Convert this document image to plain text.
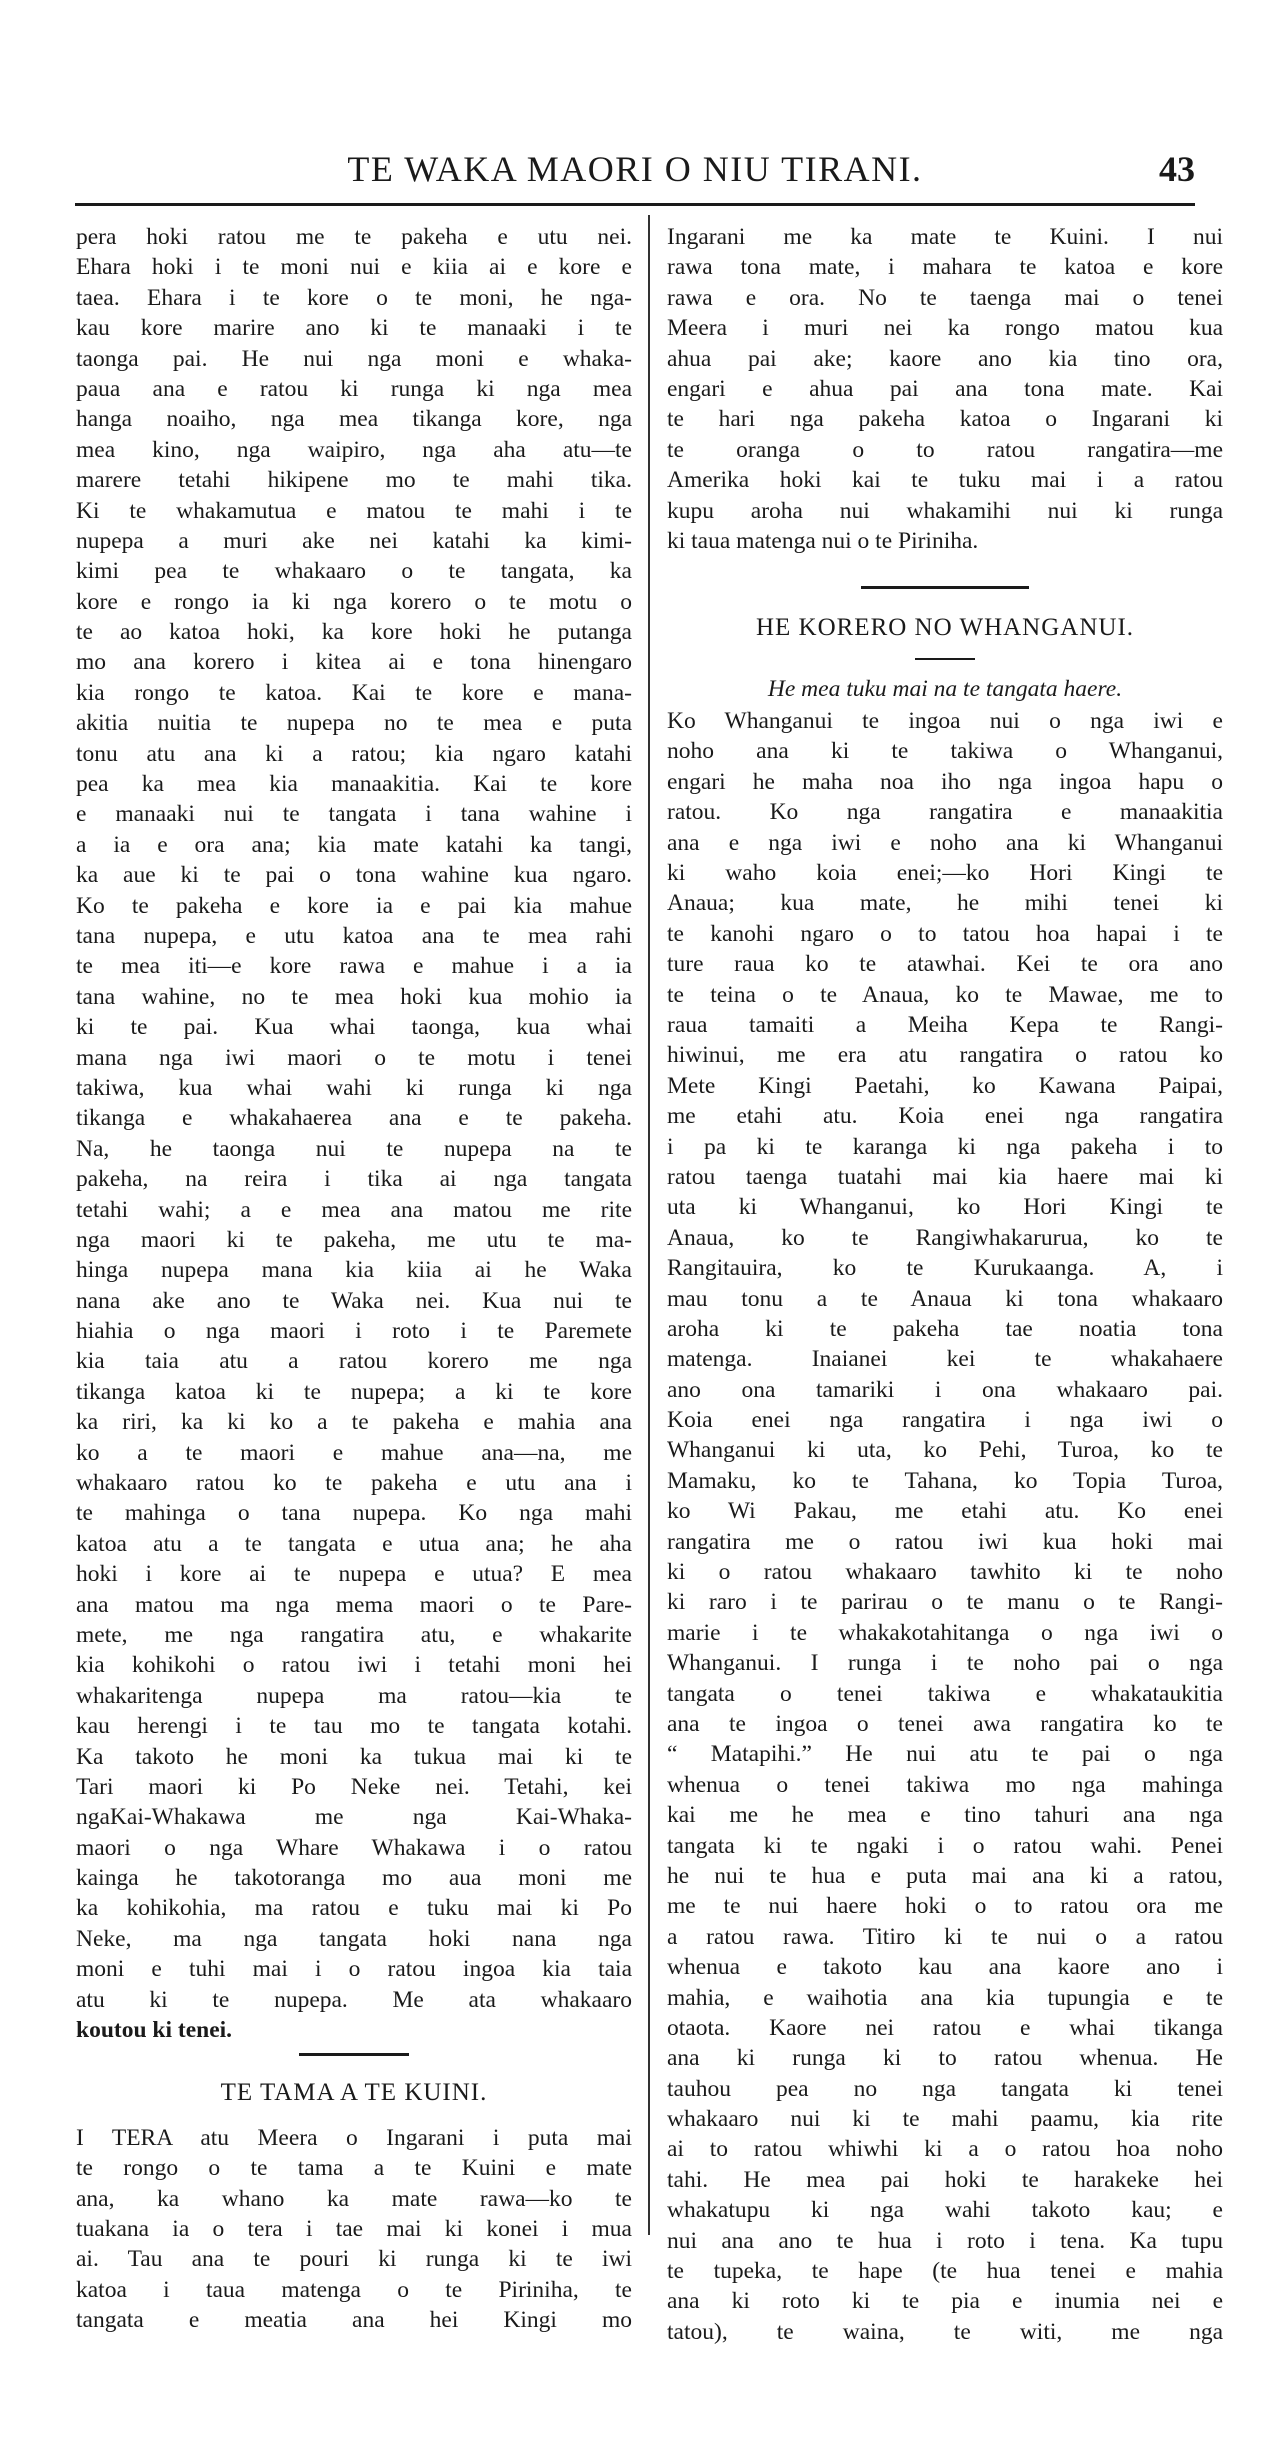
TE WAKA MAORI O NIU TIRANI.	43
pera hoki ratou me te pakeha e utu nei.
Ehara hoki i te moni nui e kiia ai e kore e
taea. Ehara i te kore o te moni, he nga-
kau kore marire ano ki te manaaki i te
taonga pai. He nui nga moni e whaka-
paua ana e ratou ki runga ki nga mea
hanga noaiho, nga mea tikanga kore, nga
mea kino, nga waipiro, nga aha atu—te
marere tetahi hikipene mo te mahi tika.
Ki te whakamutua e matou te mahi i te
nupepa a muri ake nei katahi ka kimi-
kimi pea te whakaaro o te tangata, ka
kore e rongo ia ki nga korero o te motu o
te ao katoa hoki, ka kore hoki he putanga
mo ana korero i kitea ai e tona hinengaro
kia rongo te katoa. Kai te kore e mana-
akitia nuitia te nupepa no te mea e puta
tonu atu ana ki a ratou; kia ngaro katahi
pea ka mea kia manaakitia. Kai te kore
e manaaki nui te tangata i tana wahine i
a ia e ora ana; kia mate katahi ka tangi,
ka aue ki te pai o tona wahine kua ngaro.
Ko te pakeha e kore ia e pai kia mahue
tana nupepa, e utu katoa ana te mea rahi
te mea iti—e kore rawa e mahue i a ia
tana wahine, no te mea hoki kua mohio ia
ki te pai. Kua whai taonga, kua whai
mana nga iwi maori o te motu i tenei
takiwa, kua whai wahi ki runga ki nga
tikanga e whakahaerea ana e te pakeha.
Na, he taonga nui te nupepa na te
pakeha, na reira i tika ai nga tangata
tetahi wahi; a e mea ana matou me rite
nga maori ki te pakeha, me utu te ma-
hinga nupepa mana kia kiia ai he Waka
nana ake ano te Waka nei. Kua nui te
hiahia o nga maori i roto i te Paremete
kia taia atu a ratou korero me nga
tikanga katoa ki te nupepa; a ki te kore
ka riri, ka ki ko a te pakeha e mahia ana
ko a te maori e mahue ana—na, me
whakaaro ratou ko te pakeha e utu ana i
te mahinga o tana nupepa. Ko nga mahi
katoa atu a te tangata e utua ana; he aha
hoki i kore ai te nupepa e utua? E mea
ana matou ma nga mema maori o te Pare-
mete, me nga rangatira atu, e whakarite
kia kohikohi o ratou iwi i tetahi moni hei
whakaritenga nupepa ma ratou—kia te
kau herengi i te tau mo te tangata kotahi.
Ka takoto he moni ka tukua mai ki te
Tari maori ki Po Neke nei. Tetahi, kei
ngaKai-Whakawa me nga Kai-Whaka-
maori o nga Whare Whakawa i o ratou
kainga he takotoranga mo aua moni me
ka kohikohia, ma ratou e tuku mai ki Po
Neke, ma nga tangata hoki nana nga
moni e tuhi mai i o ratou ingoa kia taia
atu ki te nupepa. Me ata whakaaro
koutou ki tenei.
TE TAMA A TE KUINI.
I TERA atu Meera o Ingarani i puta mai
te rongo o te tama a te Kuini e mate
ana, ka whano ka mate rawa—ko te
tuakana ia o tera i tae mai ki konei i mua
ai. Tau ana te pouri ki runga ki te iwi
katoa i taua matenga o te Piriniha, te
tangata e meatia ana hei Kingi mo
Ingarani me ka mate te Kuini. I nui
rawa tona mate, i mahara te katoa e kore
rawa e ora. No te taenga mai o tenei
Meera i muri nei ka rongo matou kua
ahua pai ake; kaore ano kia tino ora,
engari e ahua pai ana tona mate. Kai
te hari nga pakeha katoa o Ingarani ki
te oranga o to ratou rangatira—me
Amerika hoki kai te tuku mai i a ratou
kupu aroha nui whakamihi nui ki runga
ki taua matenga nui o te Piriniha.
HE KORERO NO WHANGANUI.
He mea tuku mai na te tangata haere.
Ko Whanganui te ingoa nui o nga iwi e
noho ana ki te takiwa o Whanganui,
engari he maha noa iho nga ingoa hapu o
ratou. Ko nga rangatira e manaakitia
ana e nga iwi e noho ana ki Whanganui
ki waho koia enei;—ko Hori Kingi te
Anaua; kua mate, he mihi tenei ki
te kanohi ngaro o to tatou hoa hapai i te
ture raua ko te atawhai. Kei te ora ano
te teina o te Anaua, ko te Mawae, me to
raua tamaiti a Meiha Kepa te Rangi-
hiwinui, me era atu rangatira o ratou ko
Mete Kingi Paetahi, ko Kawana Paipai,
me etahi atu. Koia enei nga rangatira
i pa ki te karanga ki nga pakeha i to
ratou taenga tuatahi mai kia haere mai ki
uta ki Whanganui, ko Hori Kingi te
Anaua, ko te Rangiwhakarurua, ko te
Rangitauira, ko te Kurukaanga. A, i
mau tonu a te Anaua ki tona whakaaro
aroha ki te pakeha tae noatia tona
matenga. Inaianei kei te whakahaere
ano ona tamariki i ona whakaaro pai.
Koia enei nga rangatira i nga iwi o
Whanganui ki uta, ko Pehi, Turoa, ko te
Mamaku, ko te Tahana, ko Topia Turoa,
ko Wi Pakau, me etahi atu. Ko enei
rangatira me o ratou iwi kua hoki mai
ki o ratou whakaaro tawhito ki te noho
ki raro i te parirau o te manu o te Rangi-
marie i te whakakotahitanga o nga iwi o
Whanganui. I runga i te noho pai o nga
tangata o tenei takiwa e whakataukitia
ana te ingoa o tenei awa rangatira ko te
“ Matapihi.” He nui atu te pai o nga
whenua o tenei takiwa mo nga mahinga
kai me he mea e tino tahuri ana nga
tangata ki te ngaki i o ratou wahi. Penei
he nui te hua e puta mai ana ki a ratou,
me te nui haere hoki o to ratou ora me
a ratou rawa. Titiro ki te nui o a ratou
whenua e takoto kau ana kaore ano i
mahia, e waihotia ana kia tupungia e te
otaota. Kaore nei ratou e whai tikanga
ana ki runga ki to ratou whenua. He
tauhou pea no nga tangata ki tenei
whakaaro nui ki te mahi paamu, kia rite
ai to ratou whiwhi ki a o ratou hoa noho
tahi. He mea pai hoki te harakeke hei
whakatupu ki nga wahi takoto kau; e
nui ana ano te hua i roto i tena. Ka tupu
te tupeka, te hape (te hua tenei e mahia
ana ki roto ki te pia e inumia nei e
tatou), te waina, te witi, me nga
